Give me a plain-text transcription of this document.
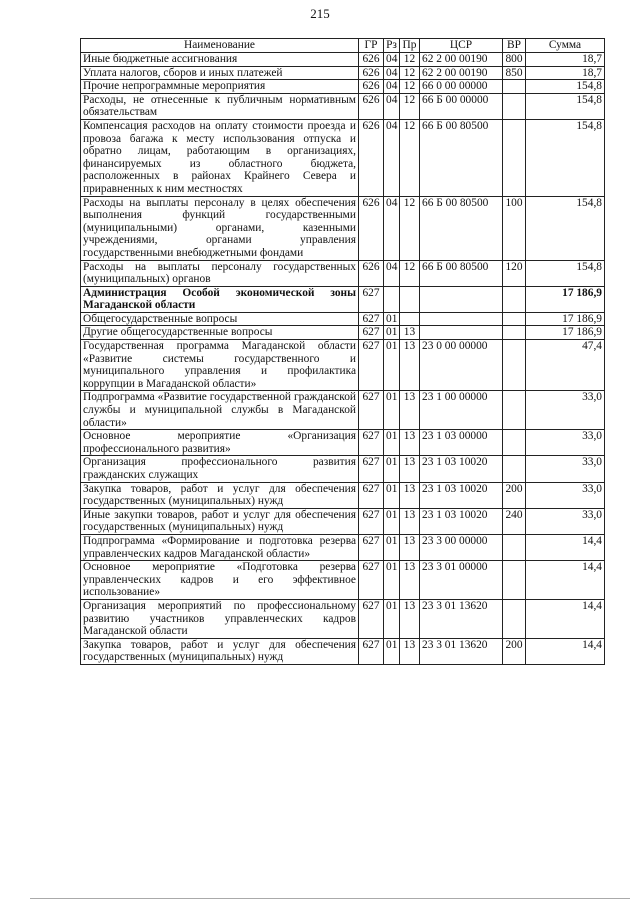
215
Наименование	ГР	Рз	Пр	ЦСР	ВР	Сумма
Иные бюджетные ассигнования	626	04	12	62 2 00 00190	800	18,7
Уплата налогов, сборов и иных платежей	626	04	12	62 2 00 00190	850	18,7
Прочие непрограммные мероприятия	626	04	12	66 0 00 00000		154,8
Расходы, не отнесенные к публичным нормативным обязательствам	626	04	12	66 Б 00 00000		154,8
Компенсация расходов на оплату стоимости проезда и провоза багажа к месту использования отпуска и обратно лицам, работающим в организациях, финансируемых из областного бюджета, расположенных в районах Крайнего Севера и приравненных к ним местностях	626	04	12	66 Б 00 80500		154,8
Расходы на выплаты персоналу в целях обеспечения выполнения функций государственными (муниципальными) органами, казенными учреждениями, органами управления государственными внебюджетными фондами	626	04	12	66 Б 00 80500	100	154,8
Расходы на выплаты персоналу государственных (муниципальных) органов	626	04	12	66 Б 00 80500	120	154,8
Администрация Особой экономической зоны Магаданской области	627					17 186,9
Общегосударственные вопросы	627	01				17 186,9
Другие общегосударственные вопросы	627	01	13			17 186,9
Государственная программа Магаданской области «Развитие системы государственного и муниципального управления и профилактика коррупции в Магаданской области»	627	01	13	23 0 00 00000		47,4
Подпрограмма «Развитие государственной гражданской службы и муниципальной службы в Магаданской области»	627	01	13	23 1 00 00000		33,0
Основное мероприятие «Организация профессионального развития»	627	01	13	23 1 03 00000		33,0
Организация профессионального развития гражданских служащих	627	01	13	23 1 03 10020		33,0
Закупка товаров, работ и услуг для обеспечения государственных (муниципальных) нужд	627	01	13	23 1 03 10020	200	33,0
Иные закупки товаров, работ и услуг для обеспечения государственных (муниципальных) нужд	627	01	13	23 1 03 10020	240	33,0
Подпрограмма «Формирование и подготовка резерва управленческих кадров Магаданской области»	627	01	13	23 3 00 00000		14,4
Основное мероприятие «Подготовка резерва управленческих кадров и его эффективное использование»	627	01	13	23 3 01 00000		14,4
Организация мероприятий по профессиональному развитию участников управленческих кадров Магаданской области	627	01	13	23 3 01 13620		14,4
Закупка товаров, работ и услуг для обеспечения государственных (муниципальных) нужд	627	01	13	23 3 01 13620	200	14,4
